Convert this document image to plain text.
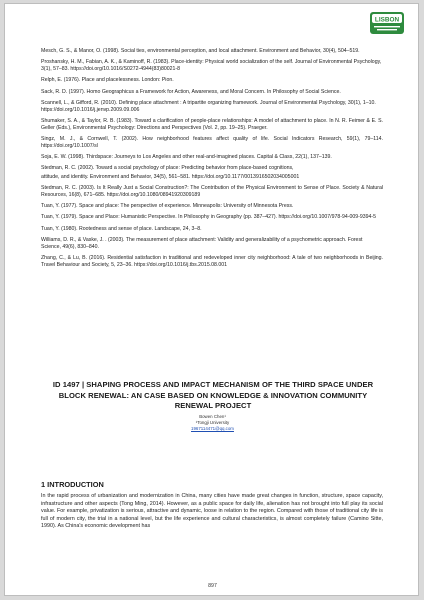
LISBON

Mesch, G. S., & Manor, O. (1998). Social ties, environmental perception, and local attachment. Environment and Behavior, 30(4), 504–519.

Proshansky, H. M., Fabian, A. K., & Kaminoff, R. (1983). Place-identity: Physical world socialization of the self. Journal of Environmental Psychology, 3(1), 57–83. https://doi.org/10.1016/S0272-4944(83)80021-8

Relph, E. (1976). Place and placelessness. London: Pion.

Sack, R. D. (1997). Homo Geographicus a Framework for Action, Awareness, and Moral Concern. In Philosophy of Social Science.

Scannell, L., & Gifford, R. (2010). Defining place attachment : A tripartite organizing framework. Journal of Environmental Psychology, 30(1), 1–10. https://doi.org/10.1016/j.jenvp.2009.09.006

Shumaker, S. A., & Taylor, R. B. (1983). Toward a clarification of people-place relationships: A model of attachment to place. In N. R. Feimer & E. S. Geller (Eds.), Environmental Psychology: Directions and Perspectives (Vol. 2, pp. 19–25). Praeger.

Singz, M. J., & Cornwell, T. (2002). How neighborhood features affect quality of life. Social Indicators Research, 59(1), 79–114. https://doi.org/10.1007/sl

Soja, E. W. (1998). Thirdspace: Journeys to Los Angeles and other real-and-imagined places. Capital & Class, 22(1), 137–139.

Stedman, R. C. (2002). Toward a social psychology of place: Predicting behavior from place-based cognitions,
attitude, and identity. Environment and Behavior, 34(5), 561–581. https://doi.org/10.1177/0013916502034005001

Stedman, R. C. (2003). Is It Really Just a Social Construction?: The Contribution of the Physical Environment to Sense of Place. Society & Natural Resources, 16(8), 671–685. https://doi.org/10.1080/08941920309189

Tuan, Y. (1977). Space and place: The perspective of experience. Minneapolis: University of Minnesota Press.

Tuan, Y. (1979). Space and Place: Humanistic Perspective. In Philosophy in Geography (pp. 387–427). https://doi.org/10.1007/978-94-009-9394-5

Tuan, Y. (1980). Rootedness and sense of place. Landscape, 24, 3–8.

Williams, D. R., & Vaske, J. . (2003). The measurement of place attachment: Validity and generalizability of a psychometric approach. Forest Science, 49(6), 830–840.

Zhang, C., & Lu, B. (2016). Residential satisfaction in traditional and redeveloped inner city neighborhood: A tale of two neighborhoods in Beijing. Travel Behaviour and Society, 5, 23–36. https://doi.org/10.1016/j.tbs.2015.08.001

ID 1497 | SHAPING PROCESS AND IMPACT MECHANISM OF THE THIRD SPACE UNDER BLOCK RENEWAL: AN CASE BASED ON KNOWLEDGE & INNOVATION COMMUNITY RENEWAL PROJECT
Bowen Chen¹
¹Tongji University
1967114471@qq.com
1 INTRODUCTION
In the rapid process of urbanization and modernization in China, many cities have made great changes in function, structure, space capacity, infrastructure and other aspects (Tong Ming, 2014). However, as a public space for daily life, alienation has not brought into full play its social value. For example, privatization is serious, attractive and dynamic, loose in relation to the region. Compared with those of traditional city life is full of modern city, the trial in a national level, but the life experience and cultural characteristics, is almost completely failure (Camino Sitte, 1990). As China's economic development has
897
